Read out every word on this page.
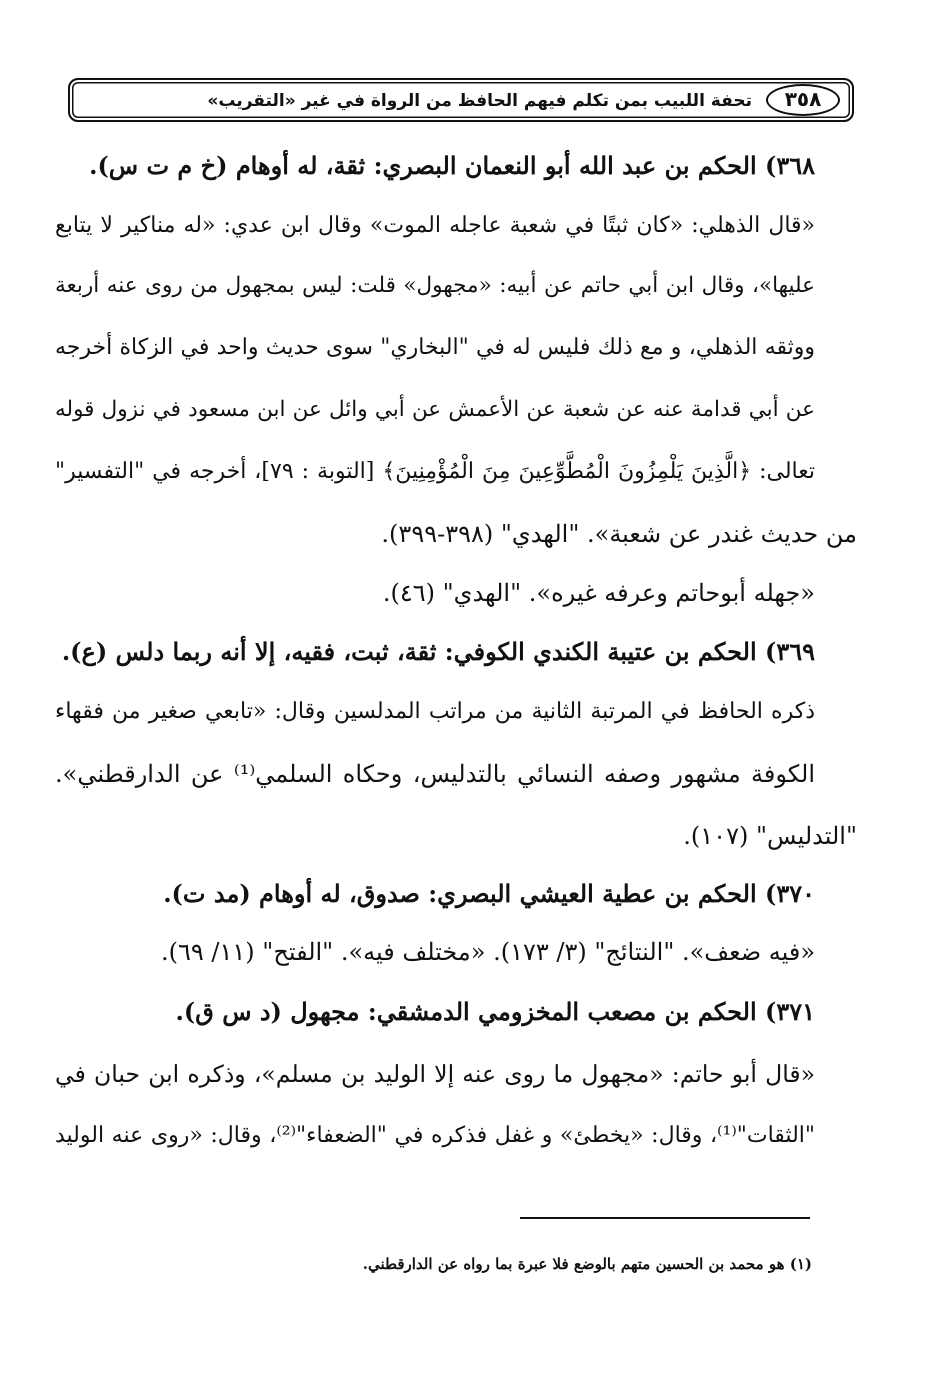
٣٥٨
تحفة اللبيب بمن تكلم فيهم الحافظ من الرواة في غير «التقريب»
٣٦٨) الحكم بن عبد الله أبو النعمان البصري: ثقة، له أوهام (خ م ت س).
«قال الذهلي: «كان ثبتًا في شعبة عاجله الموت» وقال ابن عدي: «له مناكير لا يتابع
عليها»، وقال ابن أبي حاتم عن أبيه: «مجهول» قلت: ليس بمجهول من روى عنه أربعة
ووثقه الذهلي، و مع ذلك فليس له في "البخاري" سوى حديث واحد في الزكاة أخرجه
عن أبي قدامة عنه عن شعبة عن الأعمش عن أبي وائل عن ابن مسعود في نزول قوله
تعالى: ﴿الَّذِينَ يَلْمِزُونَ الْمُطَّوِّعِينَ مِنَ الْمُؤْمِنِينَ﴾ [التوبة : ٧٩]، أخرجه في "التفسير"
من حديث غندر عن شعبة». "الهدي" (٣٩٨-٣٩٩).
«جهله أبوحاتم وعرفه غيره». "الهدي" (٤٦).
٣٦٩) الحكم بن عتيبة الكندي الكوفي: ثقة، ثبت، فقيه، إلا أنه ربما دلس (ع).
ذكره الحافظ في المرتبة الثانية من مراتب المدلسين وقال: «تابعي صغير من فقهاء
الكوفة مشهور وصفه النسائي بالتدليس، وحكاه السلمي⁽¹⁾ عن الدارقطني».
"التدليس" (١٠٧).
٣٧٠) الحكم بن عطية العيشي البصري: صدوق، له أوهام (مد ت).
«فيه ضعف». "النتائج" (٣/ ١٧٣). «مختلف فيه». "الفتح" (١١/ ٦٩).
٣٧١) الحكم بن مصعب المخزومي الدمشقي: مجهول (د س ق).
«قال أبو حاتم: «مجهول ما روى عنه إلا الوليد بن مسلم»، وذكره ابن حبان في
"الثقات"⁽¹⁾، وقال: «يخطئ» و غفل فذكره في "الضعفاء"⁽²⁾، وقال: «روى عنه الوليد
(١) هو محمد بن الحسين متهم بالوضع فلا عبرة بما رواه عن الدارقطني.
